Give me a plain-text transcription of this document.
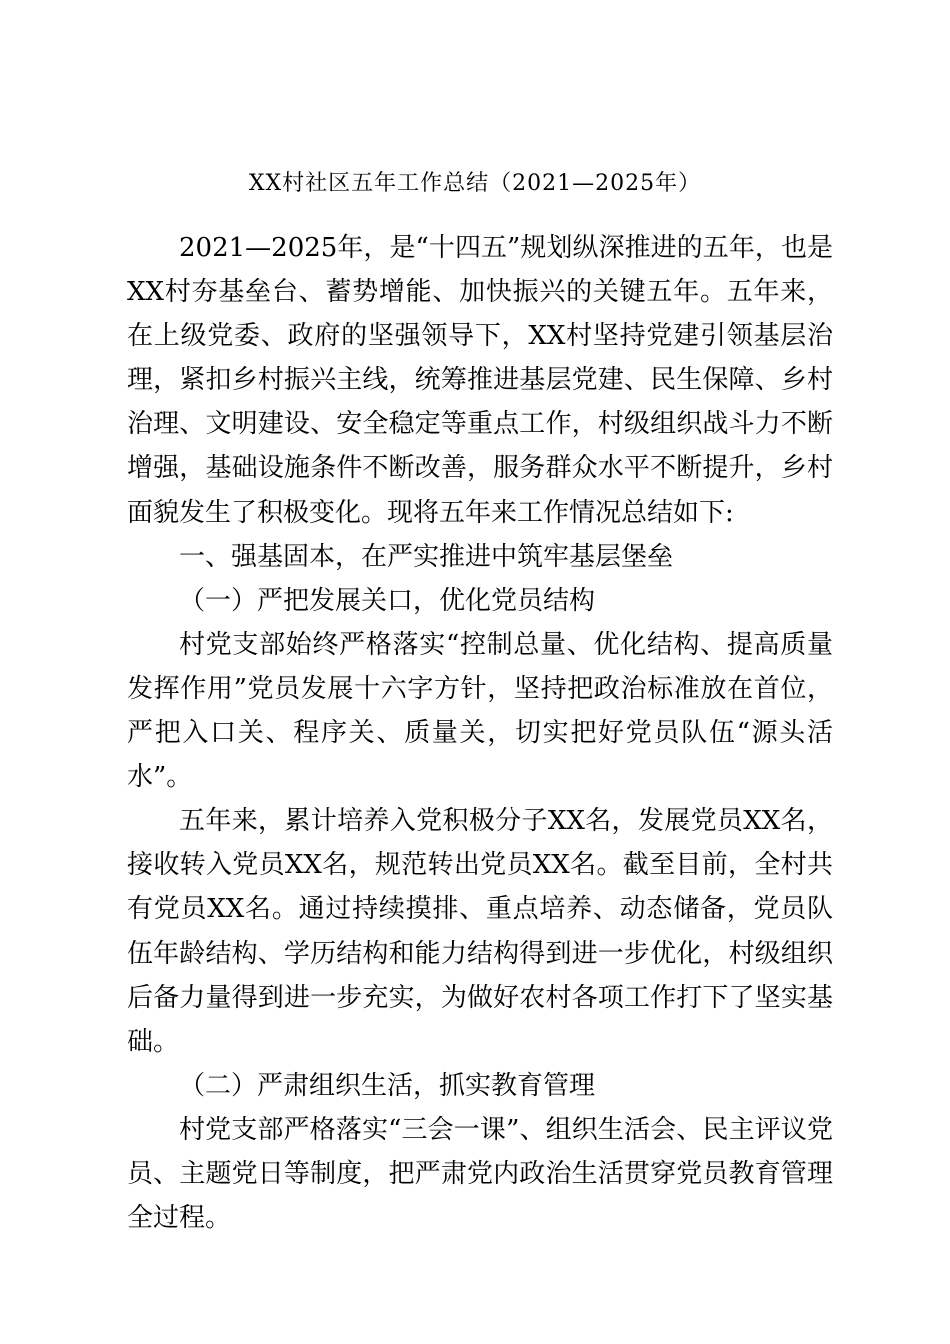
XX村社区五年工作总结（2021—2025年）

2021—2025年，是“十四五”规划纵深推进的五年，也是XX村夯基垒台、蓄势增能、加快振兴的关键五年。五年来，在上级党委、政府的坚强领导下，XX村坚持党建引领基层治理，紧扣乡村振兴主线，统筹推进基层党建、民生保障、乡村治理、文明建设、安全稳定等重点工作，村级组织战斗力不断增强，基础设施条件不断改善，服务群众水平不断提升，乡村面貌发生了积极变化。现将五年来工作情况总结如下:

一、强基固本，在严实推进中筑牢基层堡垒

（一）严把发展关口，优化党员结构

村党支部始终严格落实“控制总量、优化结构、提高质量发挥作用”党员发展十六字方针，坚持把政治标准放在首位，严把入口关、程序关、质量关，切实把好党员队伍“源头活水”。

五年来，累计培养入党积极分子XX名，发展党员XX名，接收转入党员XX名，规范转出党员XX名。截至目前，全村共有党员XX名。通过持续摸排、重点培养、动态储备，党员队伍年龄结构、学历结构和能力结构得到进一步优化，村级组织后备力量得到进一步充实，为做好农村各项工作打下了坚实基础。

（二）严肃组织生活，抓实教育管理

村党支部严格落实“三会一课”、组织生活会、民主评议党员、主题党日等制度，把严肃党内政治生活贯穿党员教育管理全过程。
